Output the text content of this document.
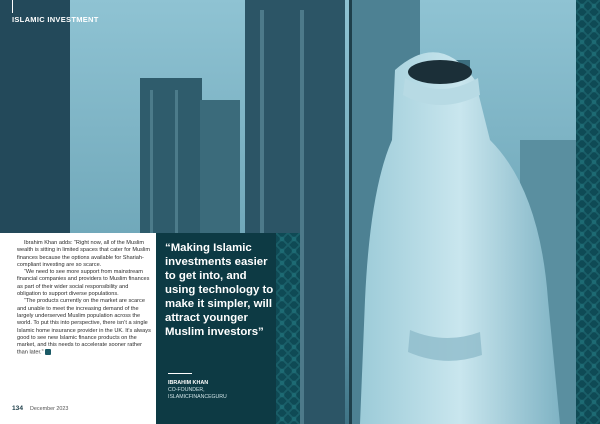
ISLAMIC INVESTMENT

Ibrahim Khan adds: “Right now, all of the Muslim wealth is sitting in limited spaces that cater for Muslim finances because the options available for Shariah-compliant investing are so scarce.

“We need to see more support from mainstream financial companies and providers to Muslim finances as part of their wider social responsibility and obligation to support diverse populations.

“The products currently on the market are scarce and unable to meet the increasing demand of the largely underserved Muslim population across the world. To put this into perspective, there isn’t a single Islamic home insurance provider in the UK. It’s always good to see new Islamic finance products on the market, and this needs to accelerate sooner rather than later.”

134 December 2023
“Making Islamic investments easier to get into, and using technology to make it simpler, will attract younger Muslim investors”
IBRAHIM KHAN
CO-FOUNDER,
ISLAMICFINANCEGURU
